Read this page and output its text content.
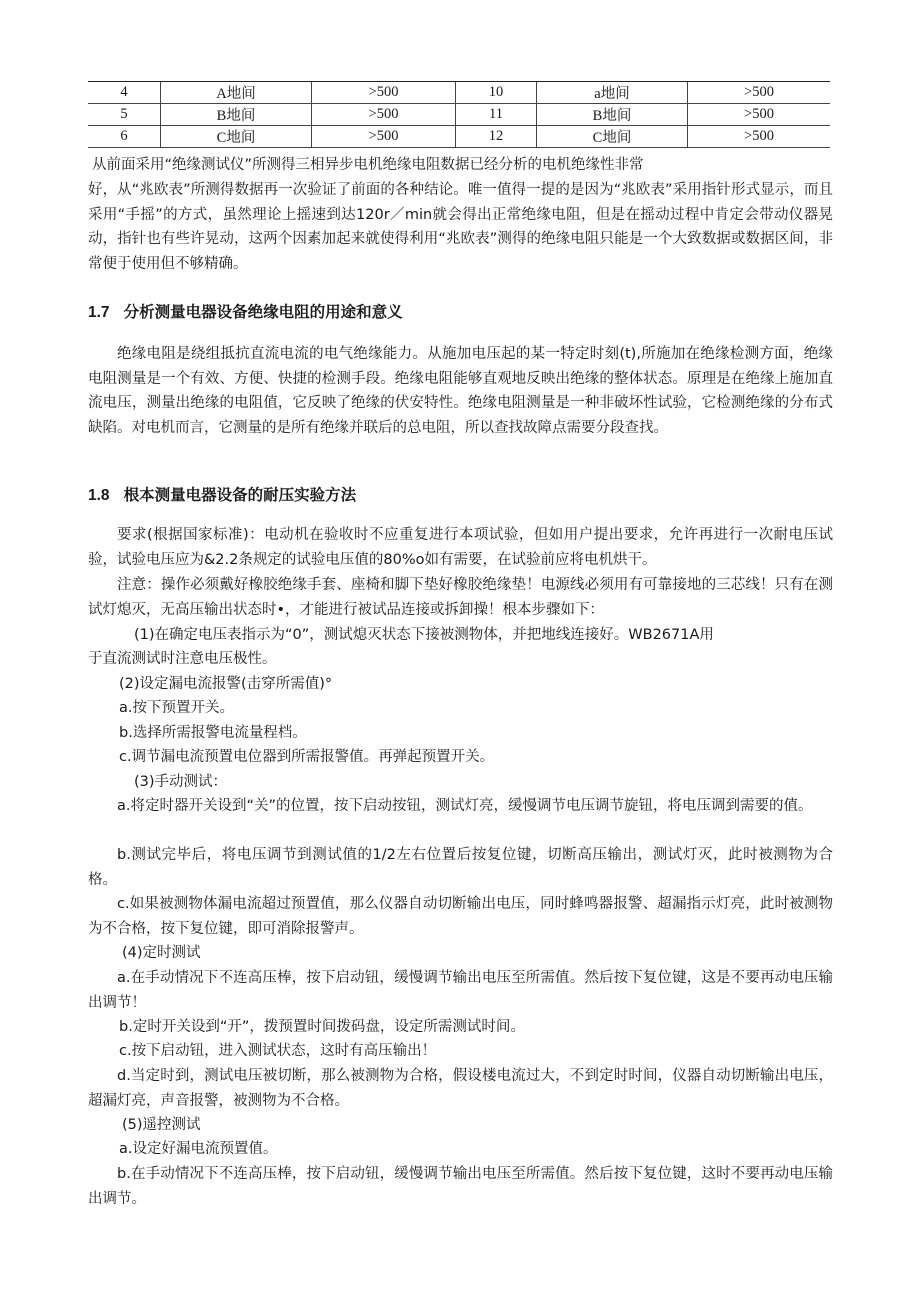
4	A地间	>500	10	a地间	>500
5	B地间	>500	11	B地间	>500
6	C地间	>500	12	C地间	>500

从前面采用“绝缘测试仪”所测得三相异步电机绝缘电阻数据已经分析的电机绝缘性非常

好，从“兆欧表”所测得数据再一次验证了前面的各种结论。唯一值得一提的是因为“兆欧表”采用指针形式显示，而且采用“手摇”的方式，虽然理论上摇速到达120r／min就会得出正常绝缘电阻，但是在摇动过程中肯定会带动仪器晃动，指针也有些许晃动，这两个因素加起来就使得利用“兆欧表”测得的绝缘电阻只能是一个大致数据或数据区间，非常便于使用但不够精确。

1.7 分析测量电器设备绝缘电阻的用途和意义

绝缘电阻是绕组抵抗直流电流的电气绝缘能力。从施加电压起的某一特定时刻(t),所施加在绝缘检测方面，绝缘电阻测量是一个有效、方便、快捷的检测手段。绝缘电阻能够直观地反映出绝缘的整体状态。原理是在绝缘上施加直流电压，测量出绝缘的电阻值，它反映了绝缘的伏安特性。绝缘电阻测量是一种非破坏性试验，它检测绝缘的分布式缺陷。对电机而言，它测量的是所有绝缘并联后的总电阻，所以查找故障点需要分段查找。

1.8 根本测量电器设备的耐压实验方法

要求(根据国家标准)：电动机在验收时不应重复进行本项试验，但如用户提出要求，允许再进行一次耐电压试验，试验电压应为&2.2条规定的试验电压值的80%o如有需要，在试验前应将电机烘干。

注意：操作必须戴好橡胶绝缘手套、座椅和脚下垫好橡胶绝缘垫！电源线必须用有可靠接地的三芯线！只有在测试灯熄灭，无高压输出状态时•，才能进行被试品连接或拆卸操！根本步骤如下：

(1)在确定电压表指示为“0”，测试熄灭状态下接被测物体，并把地线连接好。WB2671A用

于直流测试时注意电压极性。

(2)设定漏电流报警(击穿所需值)°

a.按下预置开关。

b.选择所需报警电流量程档。

c.调节漏电流预置电位器到所需报警值。再弹起预置开关。

(3)手动测试：

a.将定时器开关设到“关”的位置，按下启动按钮，测试灯亮，缓慢调节电压调节旋钮，将电压调到需要的值。

b.测试完毕后，将电压调节到测试值的1/2左右位置后按复位键，切断高压输出，测试灯灭，此时被测物为合格。

c.如果被测物体漏电流超过预置值，那么仪器自动切断输出电压，同时蜂鸣器报警、超漏指示灯亮，此时被测物为不合格，按下复位键，即可消除报警声。

(4)定时测试

a.在手动情况下不连高压棒，按下启动钮，缓慢调节输出电压至所需值。然后按下复位键，这是不要再动电压输出调节！

b.定时开关设到“开”，拨预置时间拨码盘，设定所需测试时间。

c.按下启动钮，进入测试状态，这时有高压输出！

d.当定时到，测试电压被切断，那么被测物为合格，假设楼电流过大，不到定时时间，仪器自动切断输出电压，超漏灯亮，声音报警，被测物为不合格。

(5)遥控测试

a.设定好漏电流预置值。

b.在手动情况下不连高压棒，按下启动钮，缓慢调节输出电压至所需值。然后按下复位键，这时不要再动电压输出调节。
